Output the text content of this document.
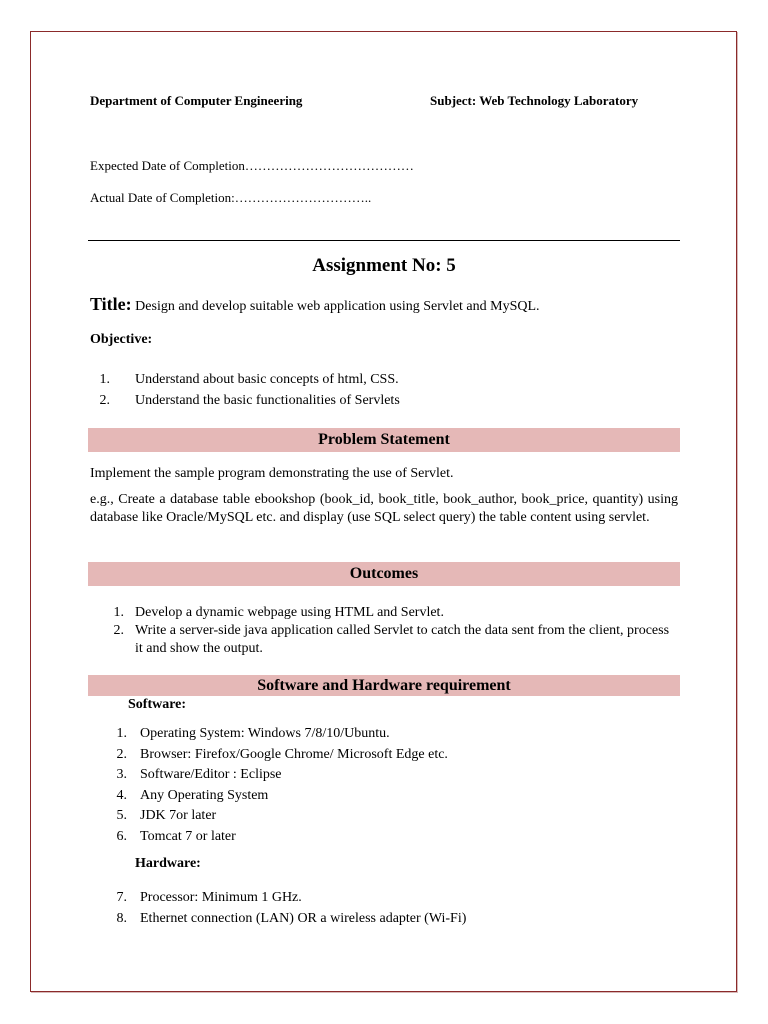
Department of Computer Engineering	Subject: Web Technology Laboratory
Expected Date of Completion…………………………………
Actual Date of Completion:…………………………..
Assignment No: 5
Title: Design and develop suitable web application using Servlet and MySQL.
Objective:
1. Understand about basic concepts of html, CSS.
2. Understand the basic functionalities of Servlets
Problem Statement
Implement the sample program demonstrating the use of Servlet.
e.g., Create a database table ebookshop (book_id, book_title, book_author, book_price, quantity) using database like Oracle/MySQL etc. and display (use SQL select query) the table content using servlet.
Outcomes
1. Develop a dynamic webpage using HTML and Servlet.
2. Write a server-side java application called Servlet to catch the data sent from the client, process it and show the output.
Software and Hardware requirement
Software:
1. Operating System: Windows 7/8/10/Ubuntu.
2. Browser: Firefox/Google Chrome/ Microsoft Edge etc.
3. Software/Editor : Eclipse
4. Any Operating System
5. JDK 7or later
6. Tomcat 7 or later
Hardware:
7. Processor: Minimum 1 GHz.
8. Ethernet connection (LAN) OR a wireless adapter (Wi-Fi)
